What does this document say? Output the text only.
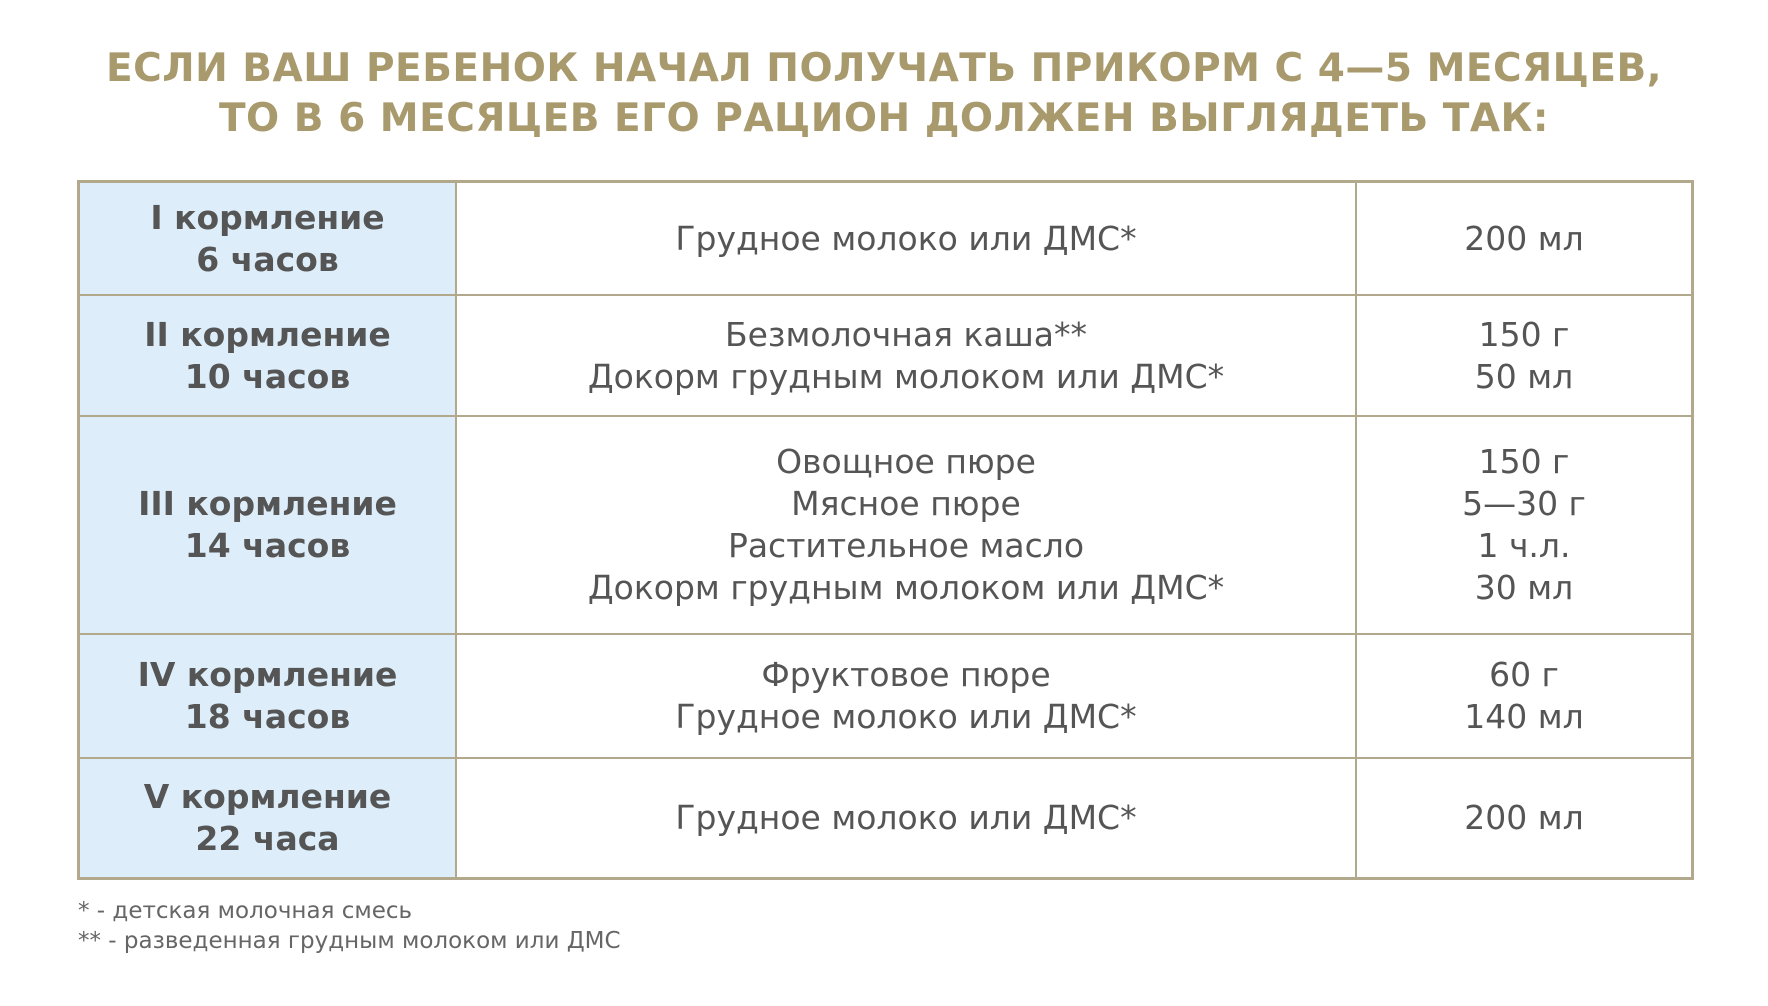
ЕСЛИ ВАШ РЕБЕНОК НАЧАЛ ПОЛУЧАТЬ ПРИКОРМ С 4—5 МЕСЯЦЕВ,
ТО В 6 МЕСЯЦЕВ ЕГО РАЦИОН ДОЛЖЕН ВЫГЛЯДЕТЬ ТАК:
I кормление
6 часов
Грудное молоко или ДМС*	200 мл
II кормление
10 часов
Безмолочная каша**
Докорм грудным молоком или ДМС*
150 г
50 мл
III кормление
14 часов
Овощное пюре
Мясное пюре
Растительное масло
Докорм грудным молоком или ДМС*
150 г
5—30 г
1 ч.л.
30 мл
IV кормление
18 часов
Фруктовое пюре
Грудное молоко или ДМС*
60 г
140 мл
V кормление
22 часа
Грудное молоко или ДМС*	200 мл
* - детская молочная смесь
** - разведенная грудным молоком или ДМС
